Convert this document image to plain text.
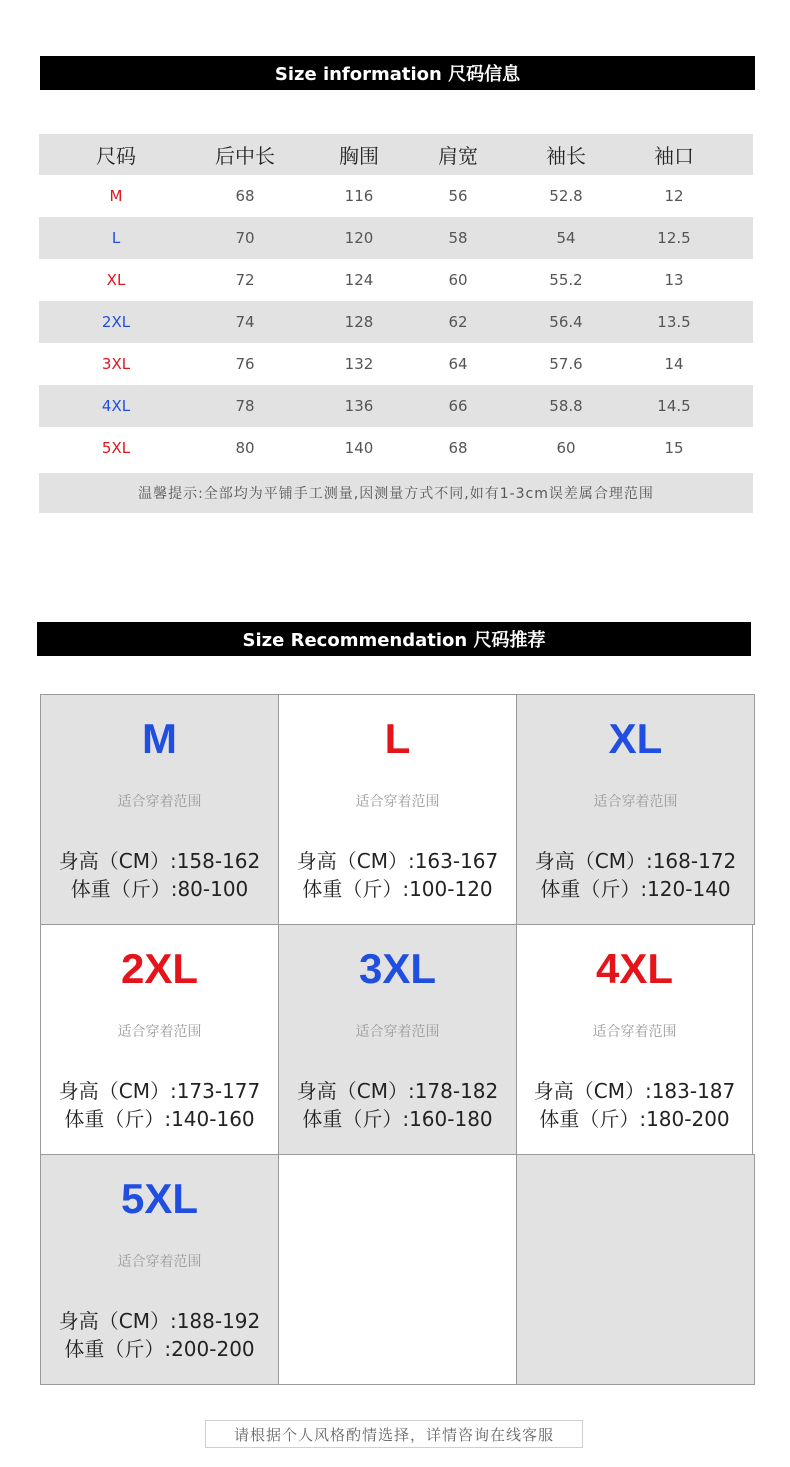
Size information 尺码信息
尺码	后中长	胸围	肩宽	袖长	袖口
M	68	116	56	52.8	12
L	70	120	58	54	12.5
XL	72	124	60	55.2	13
2XL	74	128	62	56.4	13.5
3XL	76	132	64	57.6	14
4XL	78	136	66	58.8	14.5
5XL	80	140	68	60	15
温馨提示:全部均为平铺手工测量,因测量方式不同,如有1-3cm误差属合理范围
Size Recommendation 尺码推荐
M
适合穿着范围
身高（CM）:158-162
体重（斤）:80-100
L
适合穿着范围
身高（CM）:163-167
体重（斤）:100-120
XL
适合穿着范围
身高（CM）:168-172
体重（斤）:120-140
2XL
适合穿着范围
身高（CM）:173-177
体重（斤）:140-160
3XL
适合穿着范围
身高（CM）:178-182
体重（斤）:160-180
4XL
适合穿着范围
身高（CM）:183-187
体重（斤）:180-200
5XL
适合穿着范围
身高（CM）:188-192
体重（斤）:200-200
请根据个人风格酌情选择，详情咨询在线客服
